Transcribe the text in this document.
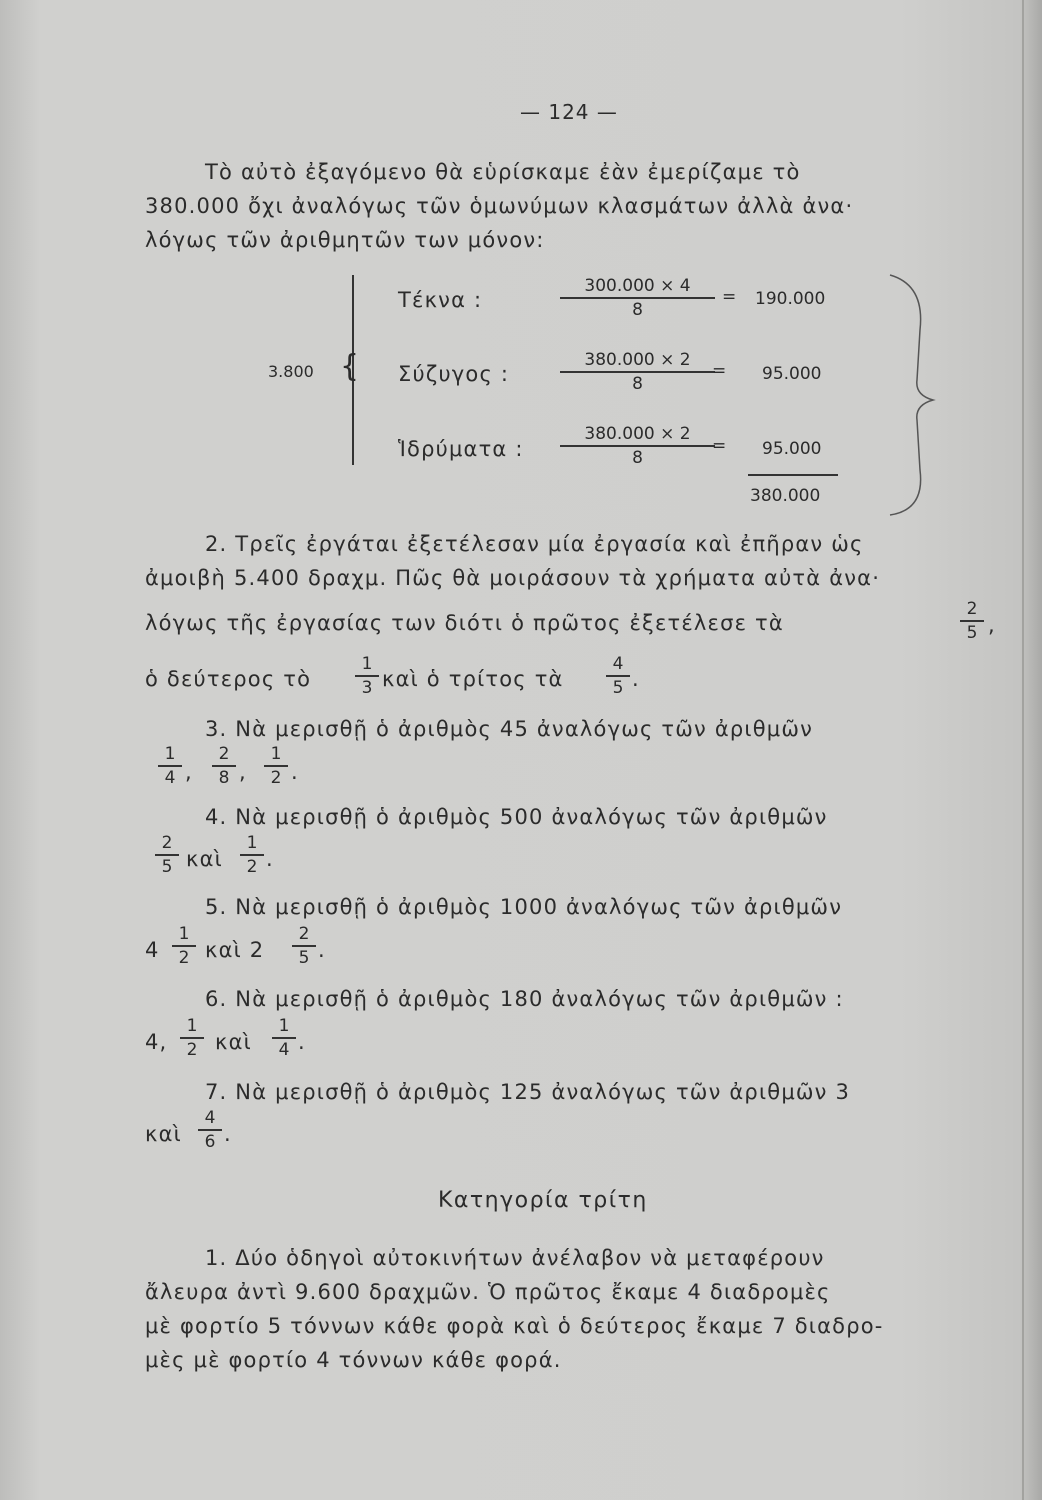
— 124 —
Τὸ αὐτὸ ἐξαγόμενο θὰ εὑρίσκαμε ἐὰν ἐμερίζαμε τὸ
380.000 ὄχι ἀναλόγως τῶν ὁμωνύμων κλασμάτων ἀλλὰ ἀνα·
λόγως τῶν ἀριθμητῶν των μόνον:
{
3.800
Τέκνα :
300.000 × 4
8
= 190.000
Σύζυγος :
380.000 × 2
8
= 95.000
Ἱδρύματα :
380.000 × 2
8
= 95.000
380.000
2. Τρεῖς ἐργάται ἐξετέλεσαν μία ἐργασία καὶ ἐπῆραν ὡς
ἀμοιβὴ 5.400 δραχμ. Πῶς θὰ μοιράσουν τὰ χρήματα αὐτὰ ἀνα·
λόγως τῆς ἐργασίας των διότι ὁ πρῶτος ἐξετέλεσε τὰ
2
5 ,
ὁ δεύτερος τὸ
1
3 καὶ ὁ τρίτος τὰ
4
5 .
3. Νὰ μερισθῇ ὁ ἀριθμὸς 45 ἀναλόγως τῶν ἀριθμῶν
1
4 ,
2
8 ,
1
2 .
4. Νὰ μερισθῇ ὁ ἀριθμὸς 500 ἀναλόγως τῶν ἀριθμῶν
2
5 καὶ
1
2 .
5. Νὰ μερισθῇ ὁ ἀριθμὸς 1000 ἀναλόγως τῶν ἀριθμῶν
4
1
2 καὶ 2
2
5 .
6. Νὰ μερισθῇ ὁ ἀριθμὸς 180 ἀναλόγως τῶν ἀριθμῶν :
4,
1
2 καὶ
1
4 .
7. Νὰ μερισθῇ ὁ ἀριθμὸς 125 ἀναλόγως τῶν ἀριθμῶν 3
καὶ
4
6 .
Κατηγορία τρίτη
1. Δύο ὁδηγοὶ αὐτοκινήτων ἀνέλαβον νὰ μεταφέρουν
ἄλευρα ἀντὶ 9.600 δραχμῶν. Ὁ πρῶτος ἔκαμε 4 διαδρομὲς
μὲ φορτίο 5 τόννων κάθε φορὰ καὶ ὁ δεύτερος ἔκαμε 7 διαδρο-
μὲς μὲ φορτίο 4 τόννων κάθε φορά.
